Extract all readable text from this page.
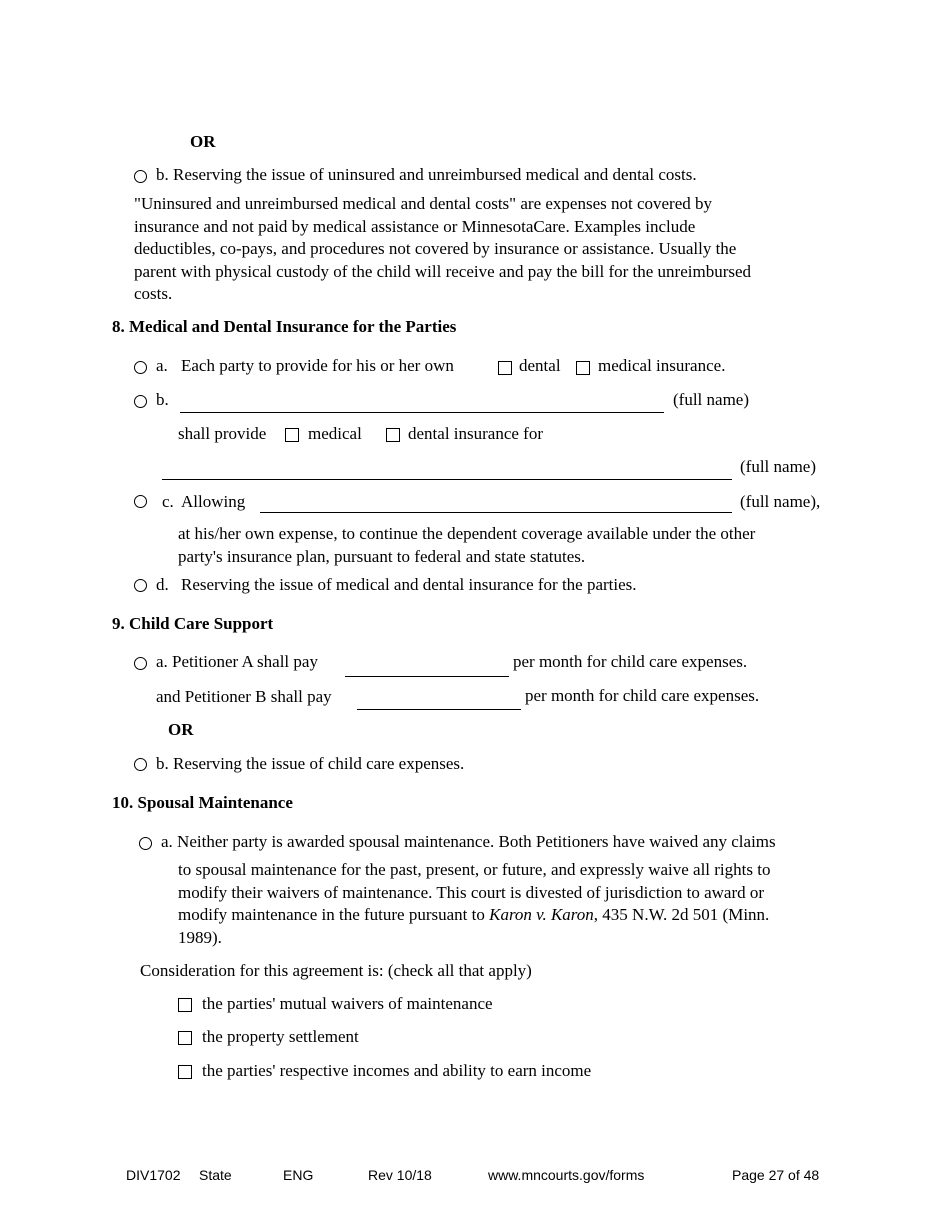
OR
b. Reserving the issue of uninsured and unreimbursed medical and dental costs.
"Uninsured and unreimbursed medical and dental costs" are expenses not covered by
insurance and not paid by medical assistance or MinnesotaCare. Examples include
deductibles, co-pays, and procedures not covered by insurance or assistance. Usually the
parent with physical custody of the child will receive and pay the bill for the unreimbursed
costs.
8. Medical and Dental Insurance for the Parties
a. Each party to provide for his or her own	dental medical insurance.
b.	(full name)
shall provide medical	dental insurance for
(full name)
c. Allowing	(full name),
at his/her own expense, to continue the dependent coverage available under the other
party's insurance plan, pursuant to federal and state statutes.
d. Reserving the issue of medical and dental insurance for the parties.
9. Child Care Support
a. Petitioner A shall pay	per month for child care expenses.
and Petitioner B shall pay	per month for child care expenses.
OR
b. Reserving the issue of child care expenses.
10. Spousal Maintenance
a. Neither party is awarded spousal maintenance. Both Petitioners have waived any claims
to spousal maintenance for the past, present, or future, and expressly waive all rights to
modify their waivers of maintenance. This court is divested of jurisdiction to award or
modify maintenance in the future pursuant to Karon v. Karon, 435 N.W. 2d 501 (Minn.
1989).
Consideration for this agreement is: (check all that apply)
the parties' mutual waivers of maintenance
the property settlement
the parties' respective incomes and ability to earn income
DIV1702 State	ENG	Rev 10/18	www.mncourts.gov/forms	Page 27 of 48
